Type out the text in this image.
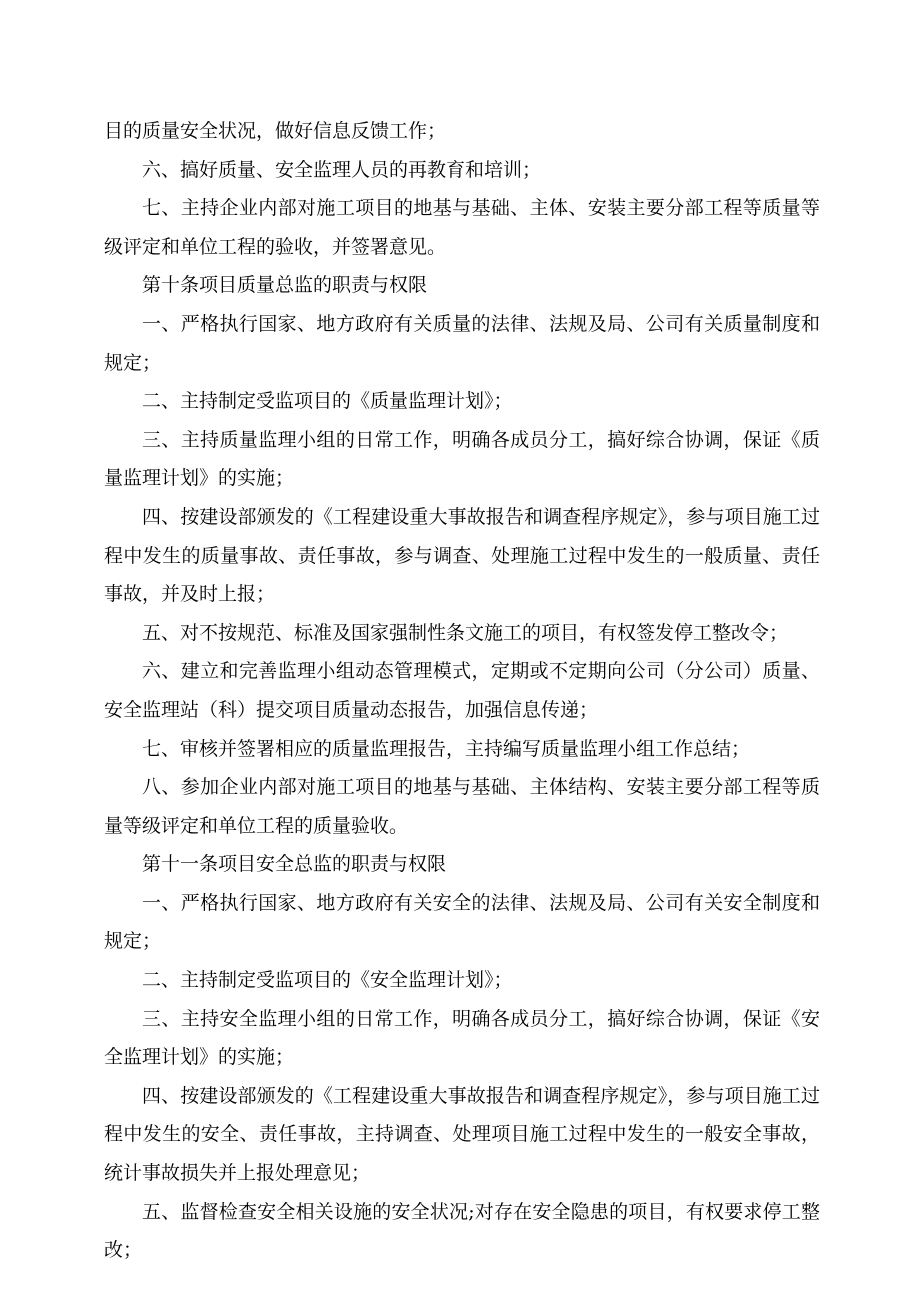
目的质量安全状况，做好信息反馈工作；

六、搞好质量、安全监理人员的再教育和培训；

七、主持企业内部对施工项目的地基与基础、主体、安装主要分部工程等质量等级评定和单位工程的验收，并签署意见。

第十条项目质量总监的职责与权限

一、严格执行国家、地方政府有关质量的法律、法规及局、公司有关质量制度和规定；

二、主持制定受监项目的《质量监理计划》；

三、主持质量监理小组的日常工作，明确各成员分工，搞好综合协调，保证《质量监理计划》的实施；

四、按建设部颁发的《工程建设重大事故报告和调查程序规定》，参与项目施工过程中发生的质量事故、责任事故，参与调查、处理施工过程中发生的一般质量、责任事故，并及时上报；

五、对不按规范、标准及国家强制性条文施工的项目，有权签发停工整改令；

六、建立和完善监理小组动态管理模式，定期或不定期向公司（分公司）质量、安全监理站（科）提交项目质量动态报告，加强信息传递；

七、审核并签署相应的质量监理报告，主持编写质量监理小组工作总结；

八、参加企业内部对施工项目的地基与基础、主体结构、安装主要分部工程等质量等级评定和单位工程的质量验收。

第十一条项目安全总监的职责与权限

一、严格执行国家、地方政府有关安全的法律、法规及局、公司有关安全制度和规定；

二、主持制定受监项目的《安全监理计划》；

三、主持安全监理小组的日常工作，明确各成员分工，搞好综合协调，保证《安全监理计划》的实施；

四、按建设部颁发的《工程建设重大事故报告和调查程序规定》，参与项目施工过程中发生的安全、责任事故，主持调查、处理项目施工过程中发生的一般安全事故，统计事故损失并上报处理意见；

五、监督检查安全相关设施的安全状况;对存在安全隐患的项目，有权要求停工整改；
